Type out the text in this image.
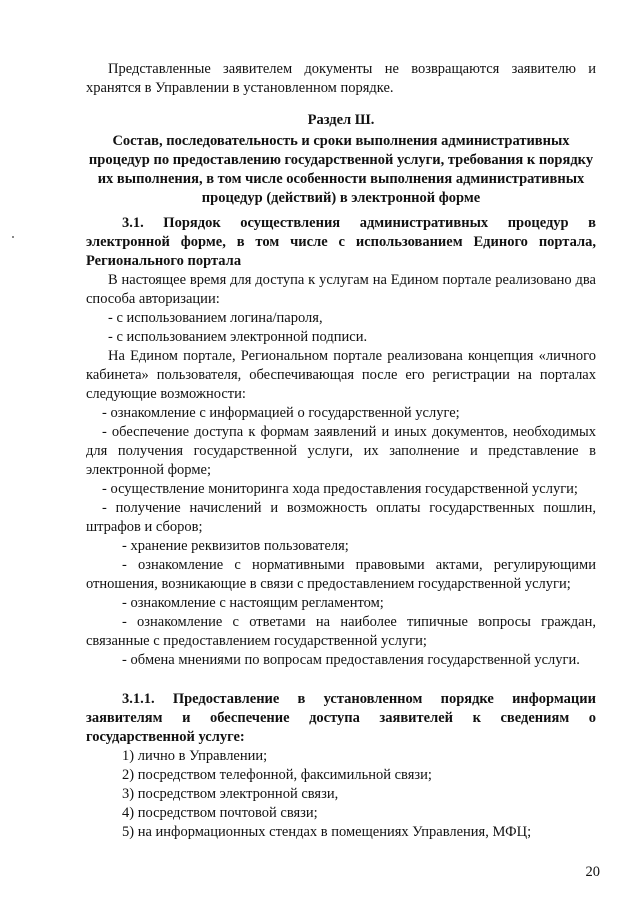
Представленные заявителем документы не возвращаются заявителю и хранятся в Управлении в установленном порядке.

Раздел Ш.
Состав, последовательность и сроки выполнения административных процедур по предоставлению государственной услуги, требования к порядку их выполнения, в том числе особенности выполнения административных процедур (действий) в электронной форме
3.1. Порядок осуществления административных процедур в электронной форме, в том числе с использованием Единого портала, Регионального портала

В настоящее время для доступа к услугам на Едином портале реализовано два способа авторизации:

- с использованием логина/пароля,

- с использованием электронной подписи.

На Едином портале, Региональном портале реализована концепция «личного кабинета» пользователя, обеспечивающая после его регистрации на порталах следующие возможности:

- ознакомление с информацией о государственной услуге;

- обеспечение доступа к формам заявлений и иных документов, необходимых для получения государственной услуги, их заполнение и представление в электронной форме;

- осуществление мониторинга хода предоставления государственной услуги;

- получение начислений и возможность оплаты государственных пошлин, штрафов и сборов;

- хранение реквизитов пользователя;

- ознакомление с нормативными правовыми актами, регулирующими отношения, возникающие в связи с предоставлением государственной услуги;

- ознакомление с настоящим регламентом;

- ознакомление с ответами на наиболее типичные вопросы граждан, связанные с предоставлением государственной услуги;

- обмена мнениями по вопросам предоставления государственной услуги.

3.1.1. Предоставление в установленном порядке информации заявителям и обеспечение доступа заявителей к сведениям о государственной услуге:

1) лично в Управлении;

2) посредством телефонной, факсимильной связи;

3) посредством электронной связи,

4) посредством почтовой связи;

5) на информационных стендах в помещениях Управления, МФЦ;

20
